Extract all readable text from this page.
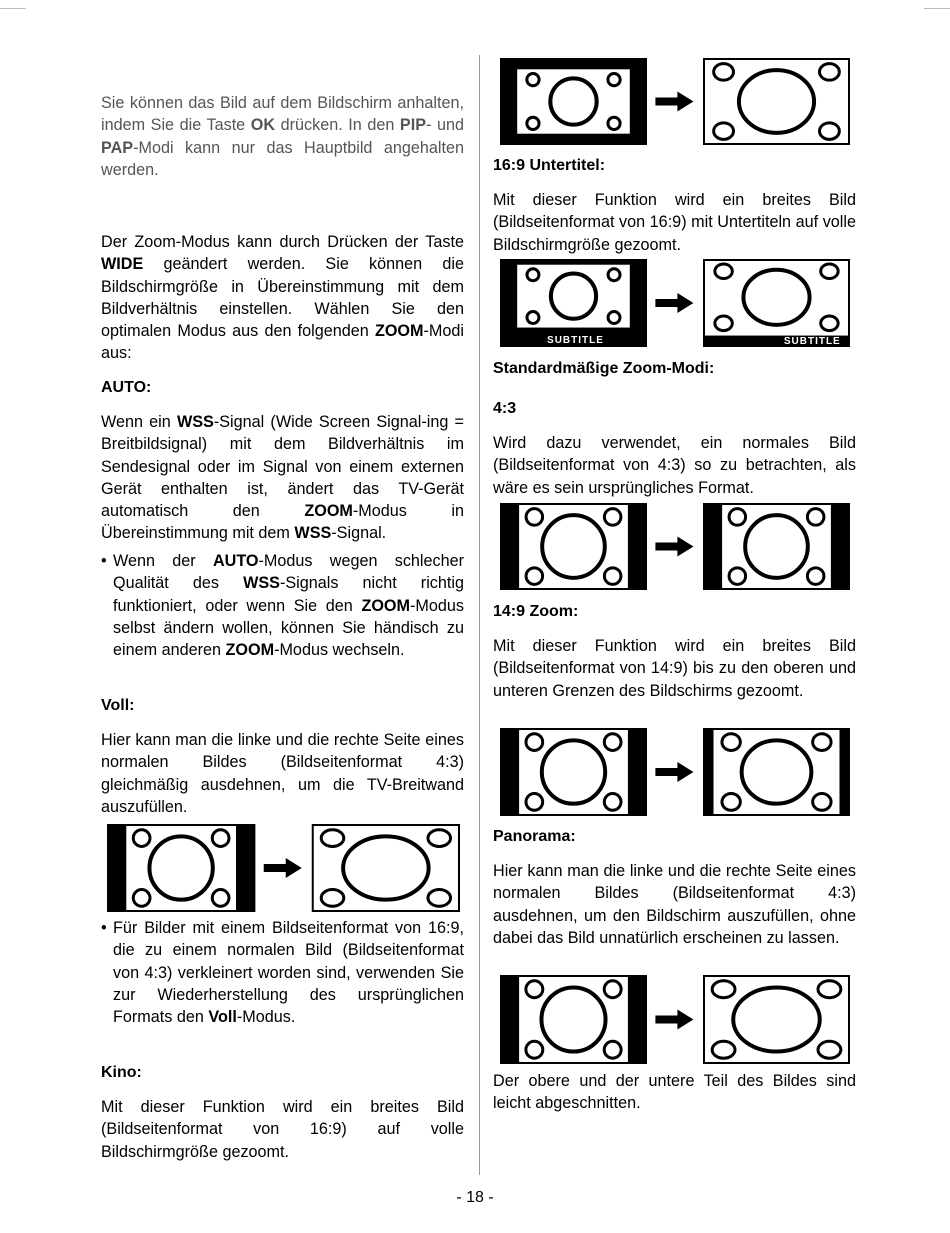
Sie können das Bild auf dem Bildschirm anhalten, indem Sie die Taste OK drücken. In den PIP- und PAP-Modi kann nur das Hauptbild angehalten werden.

Der Zoom-Modus kann durch Drücken der Taste WIDE geändert werden. Sie können die Bildschirmgröße in Übereinstimmung mit dem Bildverhältnis einstellen. Wählen Sie den optimalen Modus aus den folgenden ZOOM-Modi aus:

AUTO:

Wenn ein WSS-Signal (Wide Screen Signal-ing = Breitbildsignal) mit dem Bildverhältnis im Sendesignal oder im Signal von einem externen Gerät enthalten ist, ändert das TV-Gerät automatisch den ZOOM-Modus in Übereinstimmung mit dem WSS-Signal.

• Wenn der AUTO-Modus wegen schlecher Qualität des WSS-Signals nicht richtig funktioniert, oder wenn Sie den ZOOM-Modus selbst ändern wollen, können Sie händisch zu einem anderen ZOOM-Modus wechseln.

Voll:

Hier kann man die linke und die rechte Seite eines normalen Bildes (Bildseitenformat 4:3) gleichmäßig ausdehnen, um die TV-Breitwand auszufüllen.

• Für Bilder mit einem Bildseitenformat von 16:9, die zu einem normalen Bild (Bildseitenformat von 4:3) verkleinert worden sind, verwenden Sie zur Wiederherstellung des ursprünglichen Formats den Voll-Modus.

Kino:

Mit dieser Funktion wird ein breites Bild (Bildseitenformat von 16:9) auf volle Bildschirmgröße gezoomt.

16:9 Untertitel:

Mit dieser Funktion wird ein breites Bild (Bildseitenformat von 16:9) mit Untertiteln auf volle Bildschirmgröße gezoomt.

SUBTITLE	SUBTITLE
Standardmäßige Zoom-Modi:
4:3

Wird dazu verwendet, ein normales Bild (Bildseitenformat von 4:3) so zu betrachten, als wäre es sein ursprüngliches Format.

14:9 Zoom:

Mit dieser Funktion wird ein breites Bild (Bildseitenformat von 14:9) bis zu den oberen und unteren Grenzen des Bildschirms gezoomt.

Panorama:

Hier kann man die linke und die rechte Seite eines normalen Bildes (Bildseitenformat 4:3) ausdehnen, um den Bildschirm auszufüllen, ohne dabei das Bild unnatürlich erscheinen zu lassen.

Der obere und der untere Teil des Bildes sind leicht abgeschnitten.

- 18 -
